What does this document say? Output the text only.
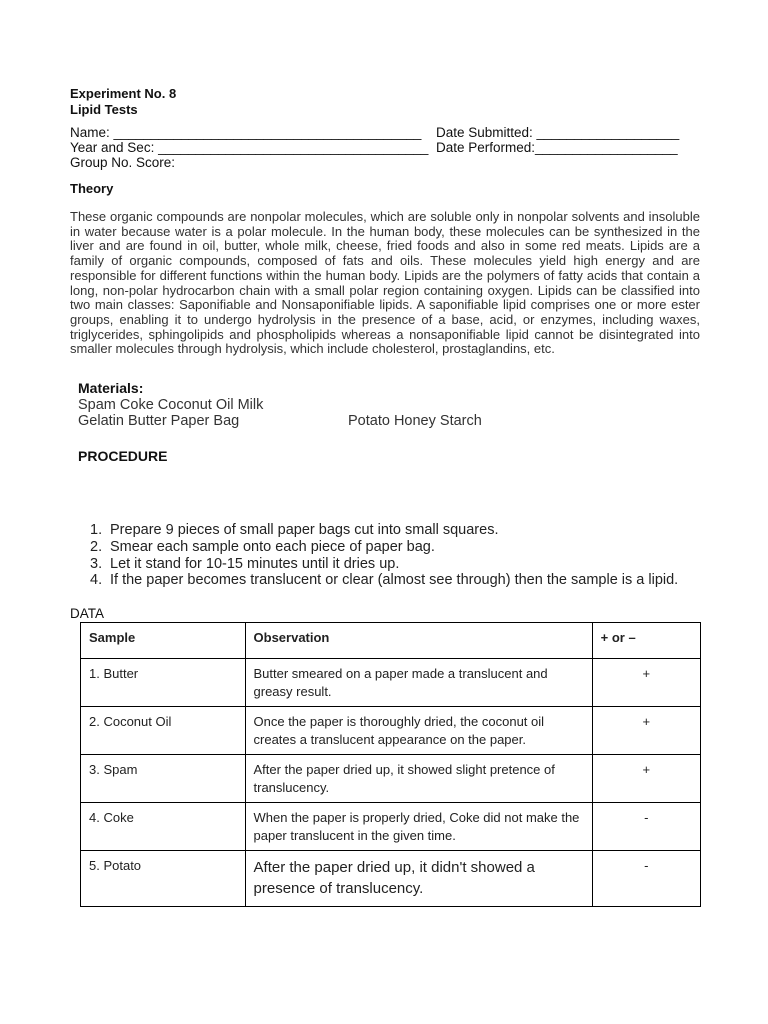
Experiment No. 8
Lipid Tests
Name: _________________________________________ Date Submitted: ___________________
Year and Sec: ____________________________________ Date Performed:___________________
Group No. Score:
Theory
These organic compounds are nonpolar molecules, which are soluble only in nonpolar solvents and insoluble in water because water is a polar molecule. In the human body, these molecules can be synthesized in the liver and are found in oil, butter, whole milk, cheese, fried foods and also in some red meats. Lipids are a family of organic compounds, composed of fats and oils. These molecules yield high energy and are responsible for different functions within the human body. Lipids are the polymers of fatty acids that contain a long, non-polar hydrocarbon chain with a small polar region containing oxygen. Lipids can be classified into two main classes: Saponifiable and Nonsaponifiable lipids. A saponifiable lipid comprises one or more ester groups, enabling it to undergo hydrolysis in the presence of a base, acid, or enzymes, including waxes, triglycerides, sphingolipids and phospholipids whereas a nonsaponifiable lipid cannot be disintegrated into smaller molecules through hydrolysis, which include cholesterol, prostaglandins, etc.
Materials:
Spam Coke Coconut Oil Milk
Gelatin Butter Paper Bag	Potato Honey Starch
PROCEDURE
1. Prepare 9 pieces of small paper bags cut into small squares.
2. Smear each sample onto each piece of paper bag.
3. Let it stand for 10-15 minutes until it dries up.
4. If the paper becomes translucent or clear (almost see through) then the sample is a lipid.
DATA
Sample	Observation	+ or –
1. Butter	Butter smeared on a paper made a translucent and greasy result.	+
2. Coconut Oil	Once the paper is thoroughly dried, the coconut oil creates a translucent appearance on the paper.	+
3. Spam	After the paper dried up, it showed slight pretence of translucency.	+
4. Coke	When the paper is properly dried, Coke did not make the paper translucent in the given time.	-
5. Potato	After the paper dried up, it didn't showed a presence of translucency.	-
